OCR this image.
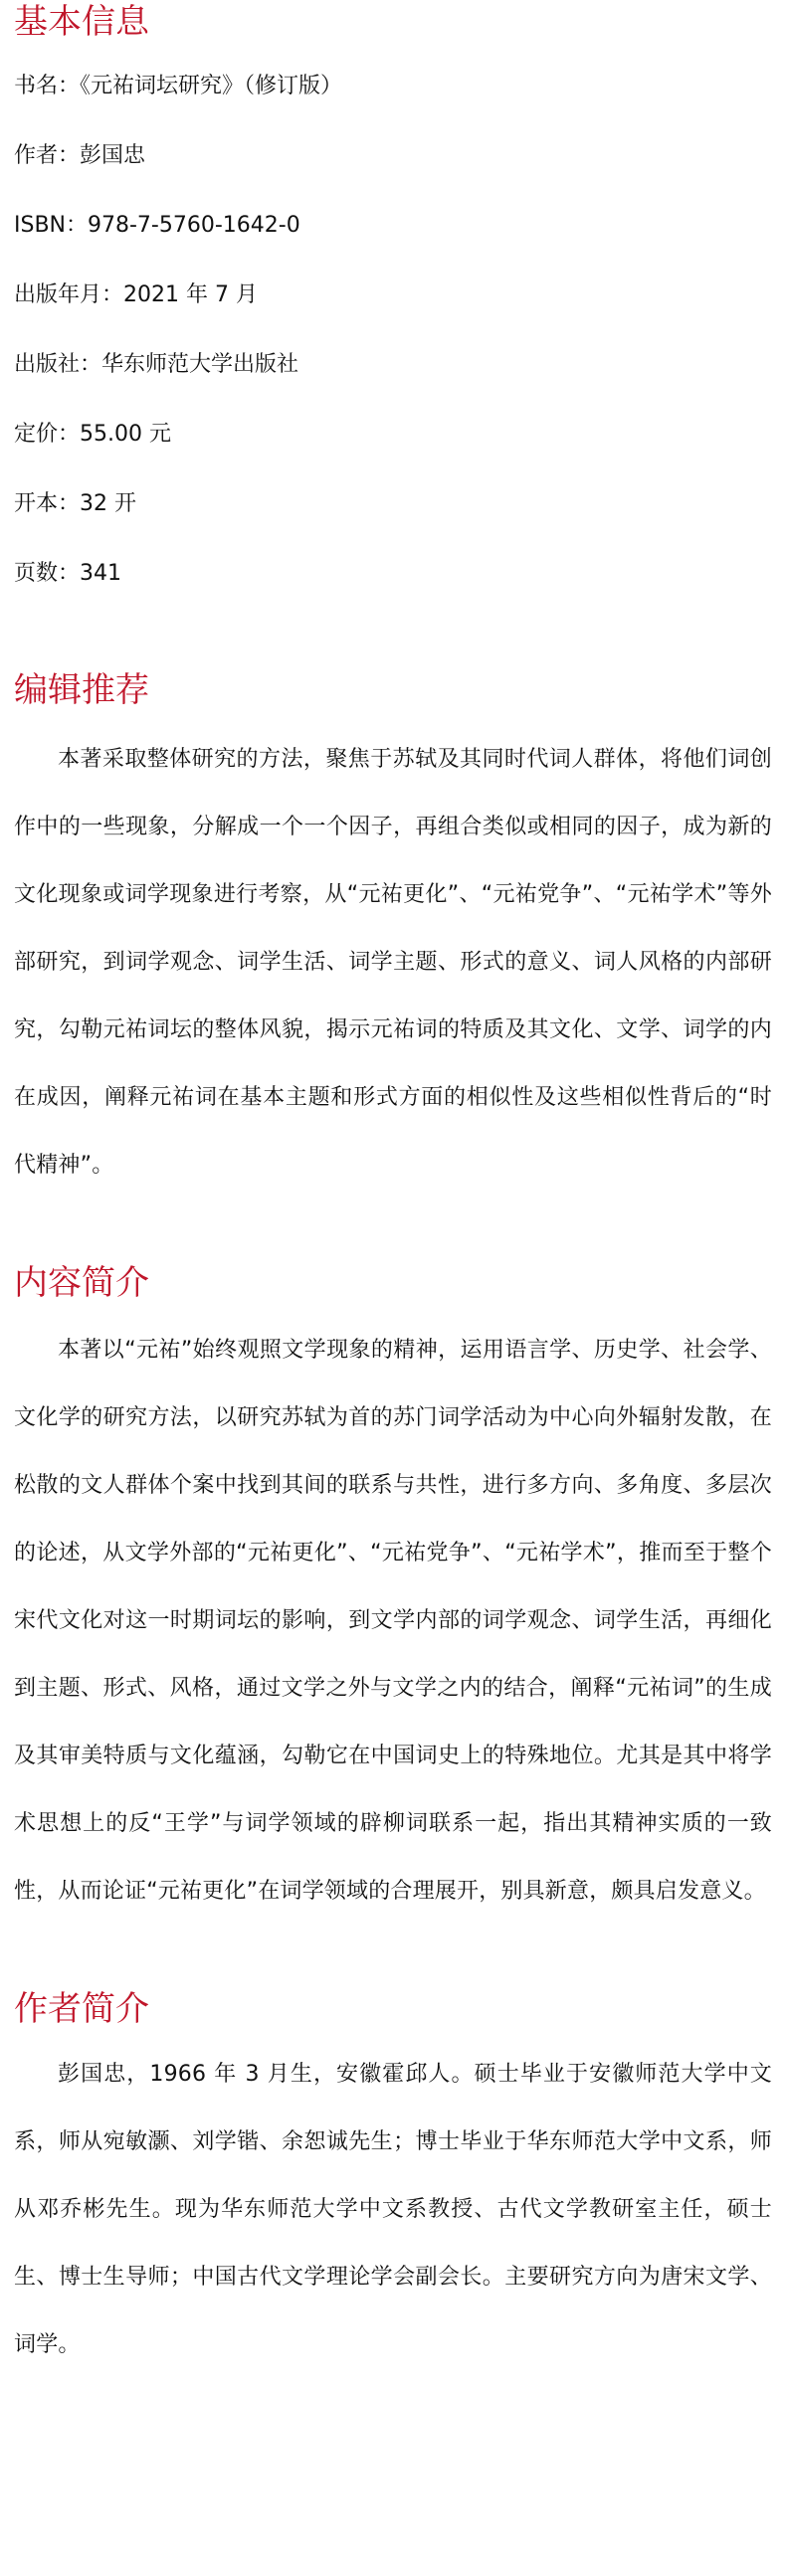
基本信息

书名：《元祐词坛研究》（修订版）

作者：彭国忠

ISBN：978-7-5760-1642-0

出版年月：2021 年 7 月

出版社：华东师范大学出版社

定价：55.00 元

开本：32 开

页数：341

编辑推荐

本著采取整体研究的方法，聚焦于苏轼及其同时代词人群体，将他们词创作中的一些现象，分解成一个一个因子，再组合类似或相同的因子，成为新的文化现象或词学现象进行考察，从“元祐更化”、“元祐党争”、“元祐学术”等外部研究，到词学观念、词学生活、词学主题、形式的意义、词人风格的内部研究，勾勒元祐词坛的整体风貌，揭示元祐词的特质及其文化、文学、词学的内在成因，阐释元祐词在基本主题和形式方面的相似性及这些相似性背后的“时代精神”。

内容简介

本著以“元祐”始终观照文学现象的精神，运用语言学、历史学、社会学、文化学的研究方法，以研究苏轼为首的苏门词学活动为中心向外辐射发散，在松散的文人群体个案中找到其间的联系与共性，进行多方向、多角度、多层次的论述，从文学外部的“元祐更化”、“元祐党争”、“元祐学术”，推而至于整个宋代文化对这一时期词坛的影响，到文学内部的词学观念、词学生活，再细化到主题、形式、风格，通过文学之外与文学之内的结合，阐释“元祐词”的生成及其审美特质与文化蕴涵，勾勒它在中国词史上的特殊地位。尤其是其中将学术思想上的反“王学”与词学领域的辟柳词联系一起，指出其精神实质的一致性，从而论证“元祐更化”在词学领域的合理展开，别具新意，颇具启发意义。

作者简介

彭国忠，1966 年 3 月生，安徽霍邱人。硕士毕业于安徽师范大学中文系，师从宛敏灏、刘学锴、余恕诚先生；博士毕业于华东师范大学中文系，师从邓乔彬先生。现为华东师范大学中文系教授、古代文学教研室主任，硕士生、博士生导师；中国古代文学理论学会副会长。主要研究方向为唐宋文学、词学。
